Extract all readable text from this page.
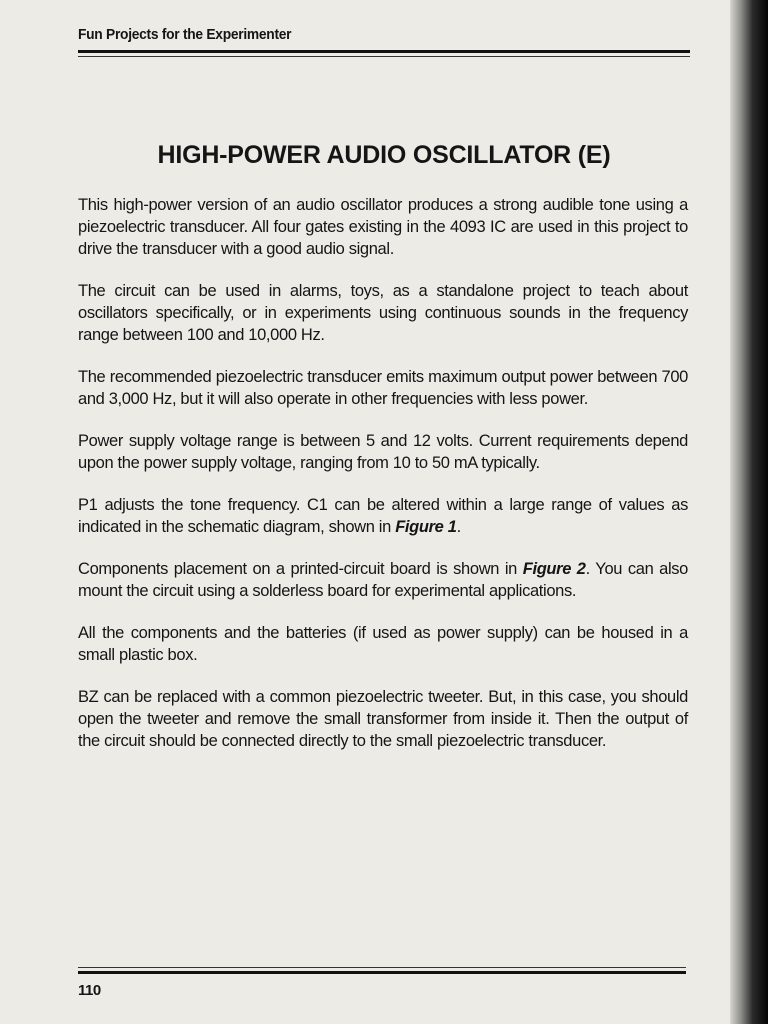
Fun Projects for the Experimenter
HIGH-POWER AUDIO OSCILLATOR (E)

This high-power version of an audio oscillator produces a strong audible tone using a piezoelectric transducer. All four gates existing in the 4093 IC are used in this project to drive the transducer with a good audio signal.

The circuit can be used in alarms, toys, as a standalone project to teach about oscillators specifically, or in experiments using continuous sounds in the frequency range between 100 and 10,000 Hz.

The recommended piezoelectric transducer emits maximum output power between 700 and 3,000 Hz, but it will also operate in other frequencies with less power.

Power supply voltage range is between 5 and 12 volts. Current requirements depend upon the power supply voltage, ranging from 10 to 50 mA typically.

P1 adjusts the tone frequency. C1 can be altered within a large range of values as indicated in the schematic diagram, shown in Figure 1.

Components placement on a printed-circuit board is shown in Figure 2. You can also mount the circuit using a solderless board for experimental applications.

All the components and the batteries (if used as power supply) can be housed in a small plastic box.

BZ can be replaced with a common piezoelectric tweeter. But, in this case, you should open the tweeter and remove the small transformer from inside it. Then the output of the circuit should be connected directly to the small piezoelectric transducer.

110
